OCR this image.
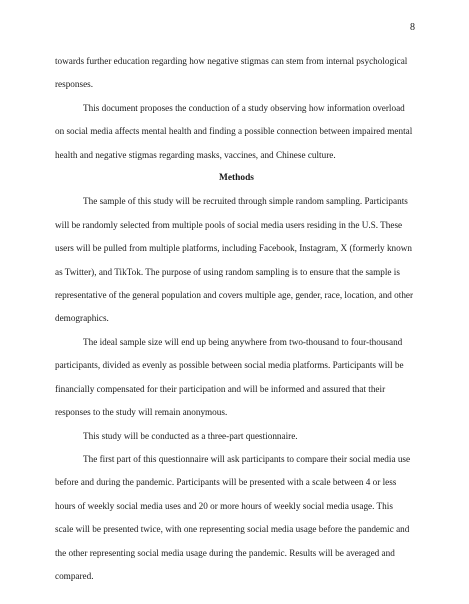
8

towards further education regarding how negative stigmas can stem from internal psychological
responses.

This document proposes the conduction of a study observing how information overload
on social media affects mental health and finding a possible connection between impaired mental
health and negative stigmas regarding masks, vaccines, and Chinese culture.

Methods

The sample of this study will be recruited through simple random sampling. Participants
will be randomly selected from multiple pools of social media users residing in the U.S. These
users will be pulled from multiple platforms, including Facebook, Instagram, X (formerly known
as Twitter), and TikTok. The purpose of using random sampling is to ensure that the sample is
representative of the general population and covers multiple age, gender, race, location, and other
demographics.

The ideal sample size will end up being anywhere from two-thousand to four-thousand
participants, divided as evenly as possible between social media platforms. Participants will be
financially compensated for their participation and will be informed and assured that their
responses to the study will remain anonymous.

This study will be conducted as a three-part questionnaire.

The first part of this questionnaire will ask participants to compare their social media use
before and during the pandemic. Participants will be presented with a scale between 4 or less
hours of weekly social media uses and 20 or more hours of weekly social media usage. This
scale will be presented twice, with one representing social media usage before the pandemic and
the other representing social media usage during the pandemic. Results will be averaged and
compared.
